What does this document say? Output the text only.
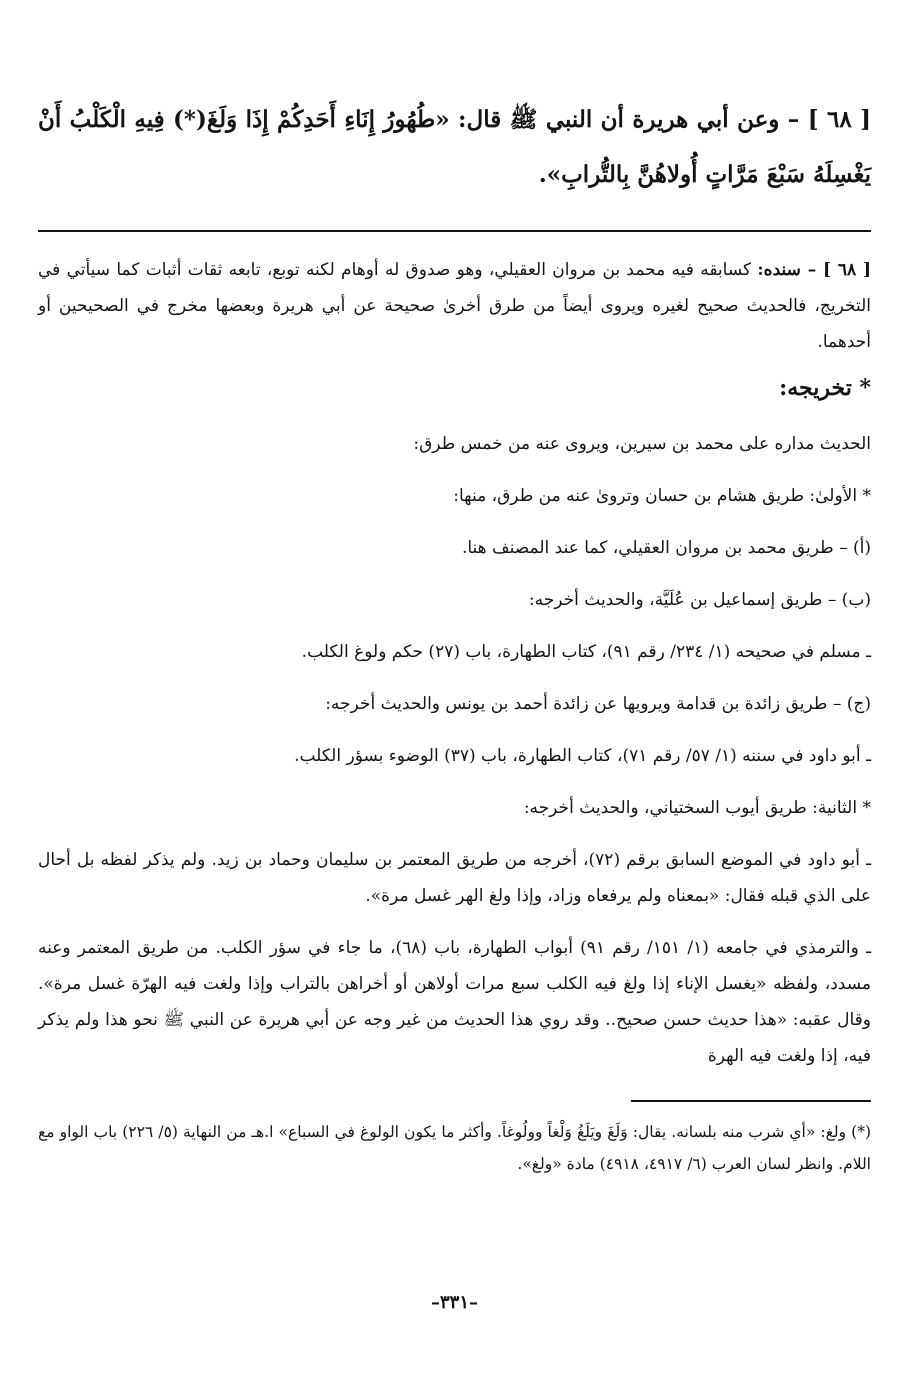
[ ٦٨ ] – وعن أبي هريرة أن النبي ﷺ قال: «طُهُورُ إِنَاءِ أَحَدِكُمْ إِذَا وَلَغَ(*) فِيهِ الْكَلْبُ أَنْ يَغْسِلَهُ سَبْعَ مَرَّاتٍ أُولاهُنَّ بِالتُّرابِ».

[ ٦٨ ] – سنده: كسابقه فيه محمد بن مروان العقيلي، وهو صدوق له أوهام لكنه توبع، تابعه ثقات أثبات كما سيأتي في التخريج، فالحديث صحيح لغيره ويروى أيضاً من طرق أخرىٰ صحيحة عن أبي هريرة وبعضها مخرج في الصحيحين أو أحدهما.

* تخريجه:

الحديث مداره على محمد بن سيرين، ويروى عنه من خمس طرق:

* الأولىٰ: طريق هشام بن حسان وتروىٰ عنه من طرق، منها:

(أ) – طريق محمد بن مروان العقيلي، كما عند المصنف هنا.

(ب) – طريق إسماعيل بن عُلَيَّة، والحديث أخرجه:

ـ مسلم في صحيحه (١/ ٢٣٤/ رقم ٩١)، كتاب الطهارة، باب (٢٧) حكم ولوغ الكلب.

(ج) – طريق زائدة بن قدامة ويرويها عن زائدة أحمد بن يونس والحديث أخرجه:

ـ أبو داود في سننه (١/ ٥٧/ رقم ٧١)، كتاب الطهارة، باب (٣٧) الوضوء بسؤر الكلب.

* الثانية: طريق أيوب السختياني، والحديث أخرجه:

ـ أبو داود في الموضع السابق برقم (٧٢)، أخرجه من طريق المعتمر بن سليمان وحماد بن زيد. ولم يذكر لفظه بل أحال على الذي قبله فقال: «بمعناه ولم يرفعاه وزاد، وإذا ولغ الهر غسل مرة».

ـ والترمذي في جامعه (١/ ١٥١/ رقم ٩١) أبواب الطهارة، باب (٦٨)، ما جاء في سؤر الكلب. من طريق المعتمر وعنه مسدد، ولفظه «يغسل الإناء إذا ولغ فيه الكلب سبع مرات أولاهن أو أخراهن بالتراب وإذا ولغت فيه الهرّة غسل مرة». وقال عقبه: «هذا حديث حسن صحيح.. وقد روي هذا الحديث من غير وجه عن أبي هريرة عن النبي ﷺ نحو هذا ولم يذكر فيه، إذا ولغت فيه الهرة

(*) ولغ: «أي شرب منه بلسانه. يقال: وَلَغَ ويَلَغُ وَلْغاً وولُوغاً. وأكثر ما يكون الولوغ في السباع» ا.هـ من النهاية (٥/ ٢٢٦) باب الواو مع اللام. وانظر لسان العرب (٦/ ٤٩١٧، ٤٩١٨) مادة «ولغ».

–٣٣١–
